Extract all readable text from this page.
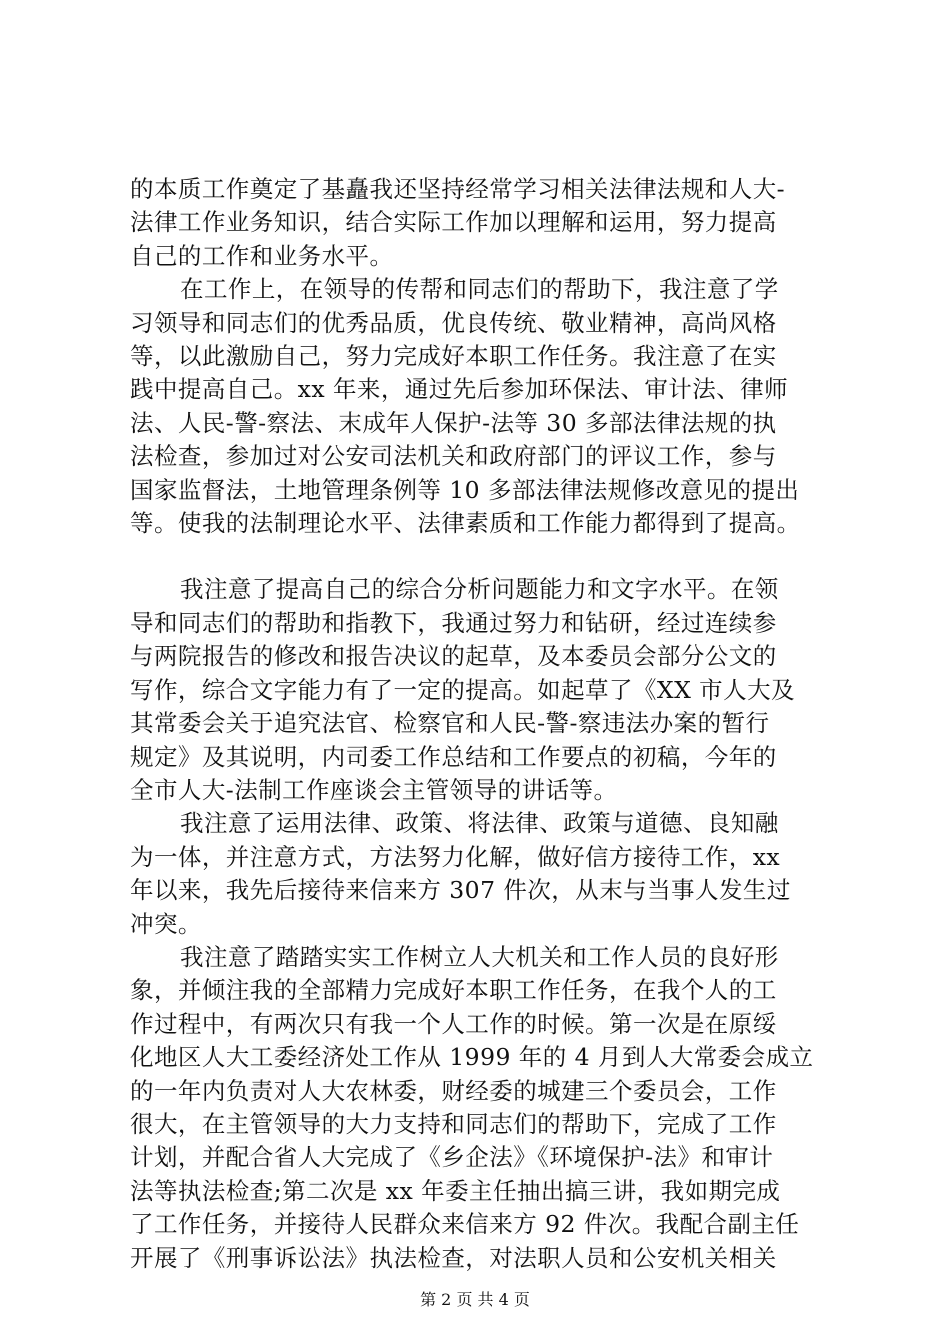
的本质工作奠定了基矗我还坚持经常学习相关法律法规和人大-
法律工作业务知识，结合实际工作加以理解和运用，努力提高
自己的工作和业务水平。
在工作上，在领导的传帮和同志们的帮助下，我注意了学
习领导和同志们的优秀品质，优良传统、敬业精神，高尚风格
等，以此激励自己，努力完成好本职工作任务。我注意了在实
践中提高自己。xx 年来，通过先后参加环保法、审计法、律师
法、人民-警-察法、末成年人保护-法等 30 多部法律法规的执
法检查，参加过对公安司法机关和政府部门的评议工作，参与
国家监督法，土地管理条例等 10 多部法律法规修改意见的提出
等。使我的法制理论水平、法律素质和工作能力都得到了提高。
我注意了提高自己的综合分析问题能力和文字水平。在领
导和同志们的帮助和指教下，我通过努力和钻研，经过连续参
与两院报告的修改和报告决议的起草，及本委员会部分公文的
写作，综合文字能力有了一定的提高。如起草了《XX 市人大及
其常委会关于追究法官、检察官和人民-警-察违法办案的暂行
规定》及其说明，内司委工作总结和工作要点的初稿，今年的
全市人大-法制工作座谈会主管领导的讲话等。
我注意了运用法律、政策、将法律、政策与道德、良知融
为一体，并注意方式，方法努力化解，做好信方接待工作，xx
年以来，我先后接待来信来方 307 件次，从末与当事人发生过
冲突。
我注意了踏踏实实工作树立人大机关和工作人员的良好形
象，并倾注我的全部精力完成好本职工作任务，在我个人的工
作过程中，有两次只有我一个人工作的时候。第一次是在原绥
化地区人大工委经济处工作从 1999 年的 4 月到人大常委会成立
的一年内负责对人大农林委，财经委的城建三个委员会，工作
很大，在主管领导的大力支持和同志们的帮助下，完成了工作
计划，并配合省人大完成了《乡企法》《环境保护-法》和审计
法等执法检查;第二次是 xx 年委主任抽出搞三讲，我如期完成
了工作任务，并接待人民群众来信来方 92 件次。我配合副主任
开展了《刑事诉讼法》执法检查，对法职人员和公安机关相关
第 2 页 共 4 页
